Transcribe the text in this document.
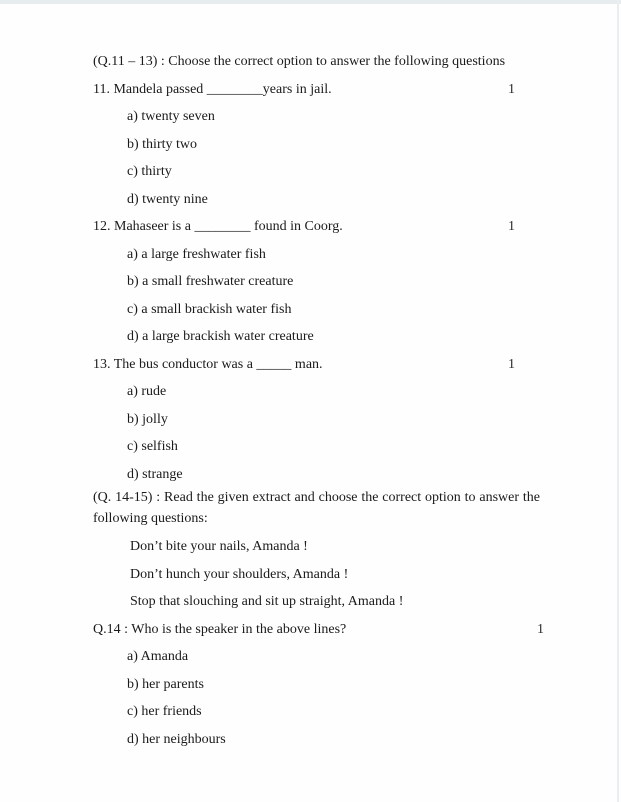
(Q.11 – 13) : Choose the correct option to answer the following questions
11. Mandela passed ________years in jail.	1
a) twenty seven
b) thirty two
c) thirty
d) twenty nine
12. Mahaseer is a ________ found in Coorg.	1
a) a large freshwater fish
b) a small freshwater creature
c) a small brackish water fish
d) a large brackish water creature
13. The bus conductor was a _____ man.	1
a) rude
b) jolly
c) selfish
d) strange
(Q. 14-15) : Read the given extract and choose the correct option to answer the
following questions:
Don’t bite your nails, Amanda !
Don’t hunch your shoulders, Amanda !
Stop that slouching and sit up straight, Amanda !
Q.14 : Who is the speaker in the above lines?	1
a) Amanda
b) her parents
c) her friends
d) her neighbours
